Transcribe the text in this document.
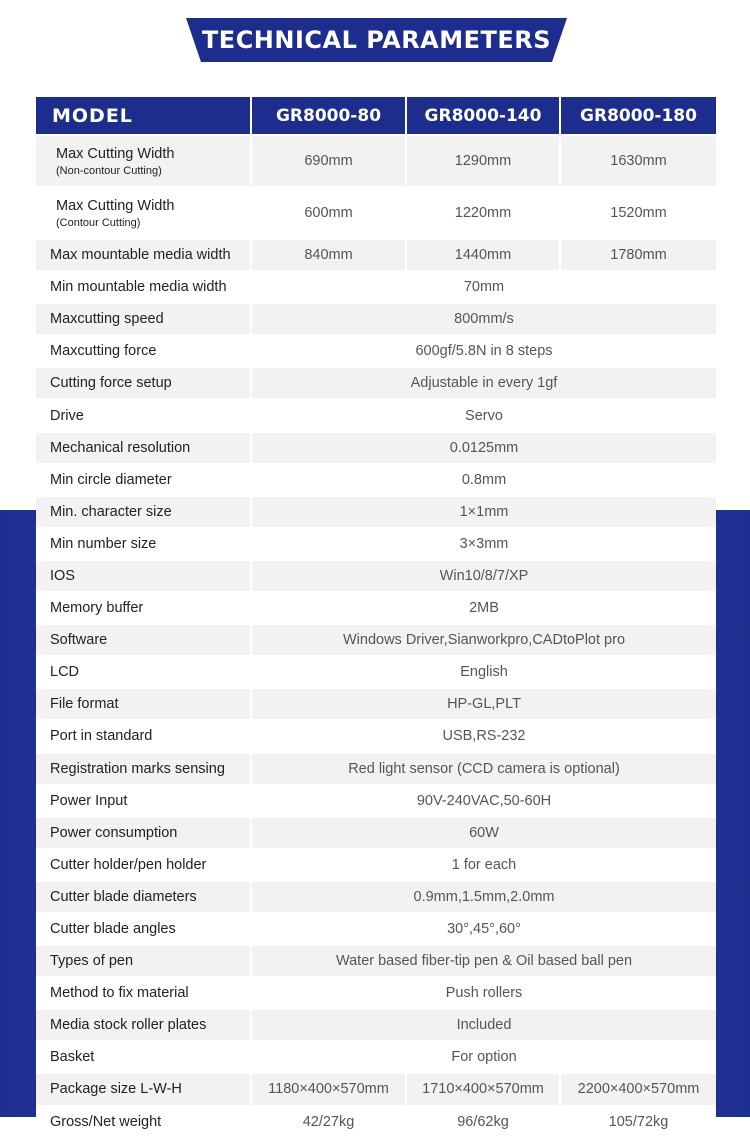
TECHNICAL PARAMETERS
MODEL	GR8000-80	GR8000-140	GR8000-180
Max Cutting Width
(Non-contour Cutting)	690mm	1290mm	1630mm
Max Cutting Width
(Contour Cutting)	600mm	1220mm	1520mm
Max mountable media width	840mm	1440mm	1780mm
Min mountable media width	70mm		
Maxcutting speed	800mm/s		
Maxcutting force	600gf/5.8N in 8 steps		
Cutting force setup	Adjustable in every 1gf		
Drive	Servo		
Mechanical resolution	0.0125mm		
Min circle diameter	0.8mm		
Min. character size	1×1mm		
Min number size	3×3mm		
IOS	Win10/8/7/XP		
Memory buffer	2MB		
Software	Windows Driver,Sianworkpro,CADtoPlot pro		
LCD	English		
File format	HP-GL,PLT		
Port in standard	USB,RS-232		
Registration marks sensing	Red light sensor (CCD camera is optional)		
Power Input	90V-240VAC,50-60H		
Power consumption	60W		
Cutter holder/pen holder	1 for each		
Cutter blade diameters	0.9mm,1.5mm,2.0mm		
Cutter blade angles	30°,45°,60°		
Types of pen	Water based fiber-tip pen & Oil based ball pen		
Method to fix material	Push rollers		
Media stock roller plates	Included		
Basket	For option		
Package size L-W-H	1180×400×570mm	1710×400×570mm	2200×400×570mm
Gross/Net weight	42/27kg	96/62kg	105/72kg
